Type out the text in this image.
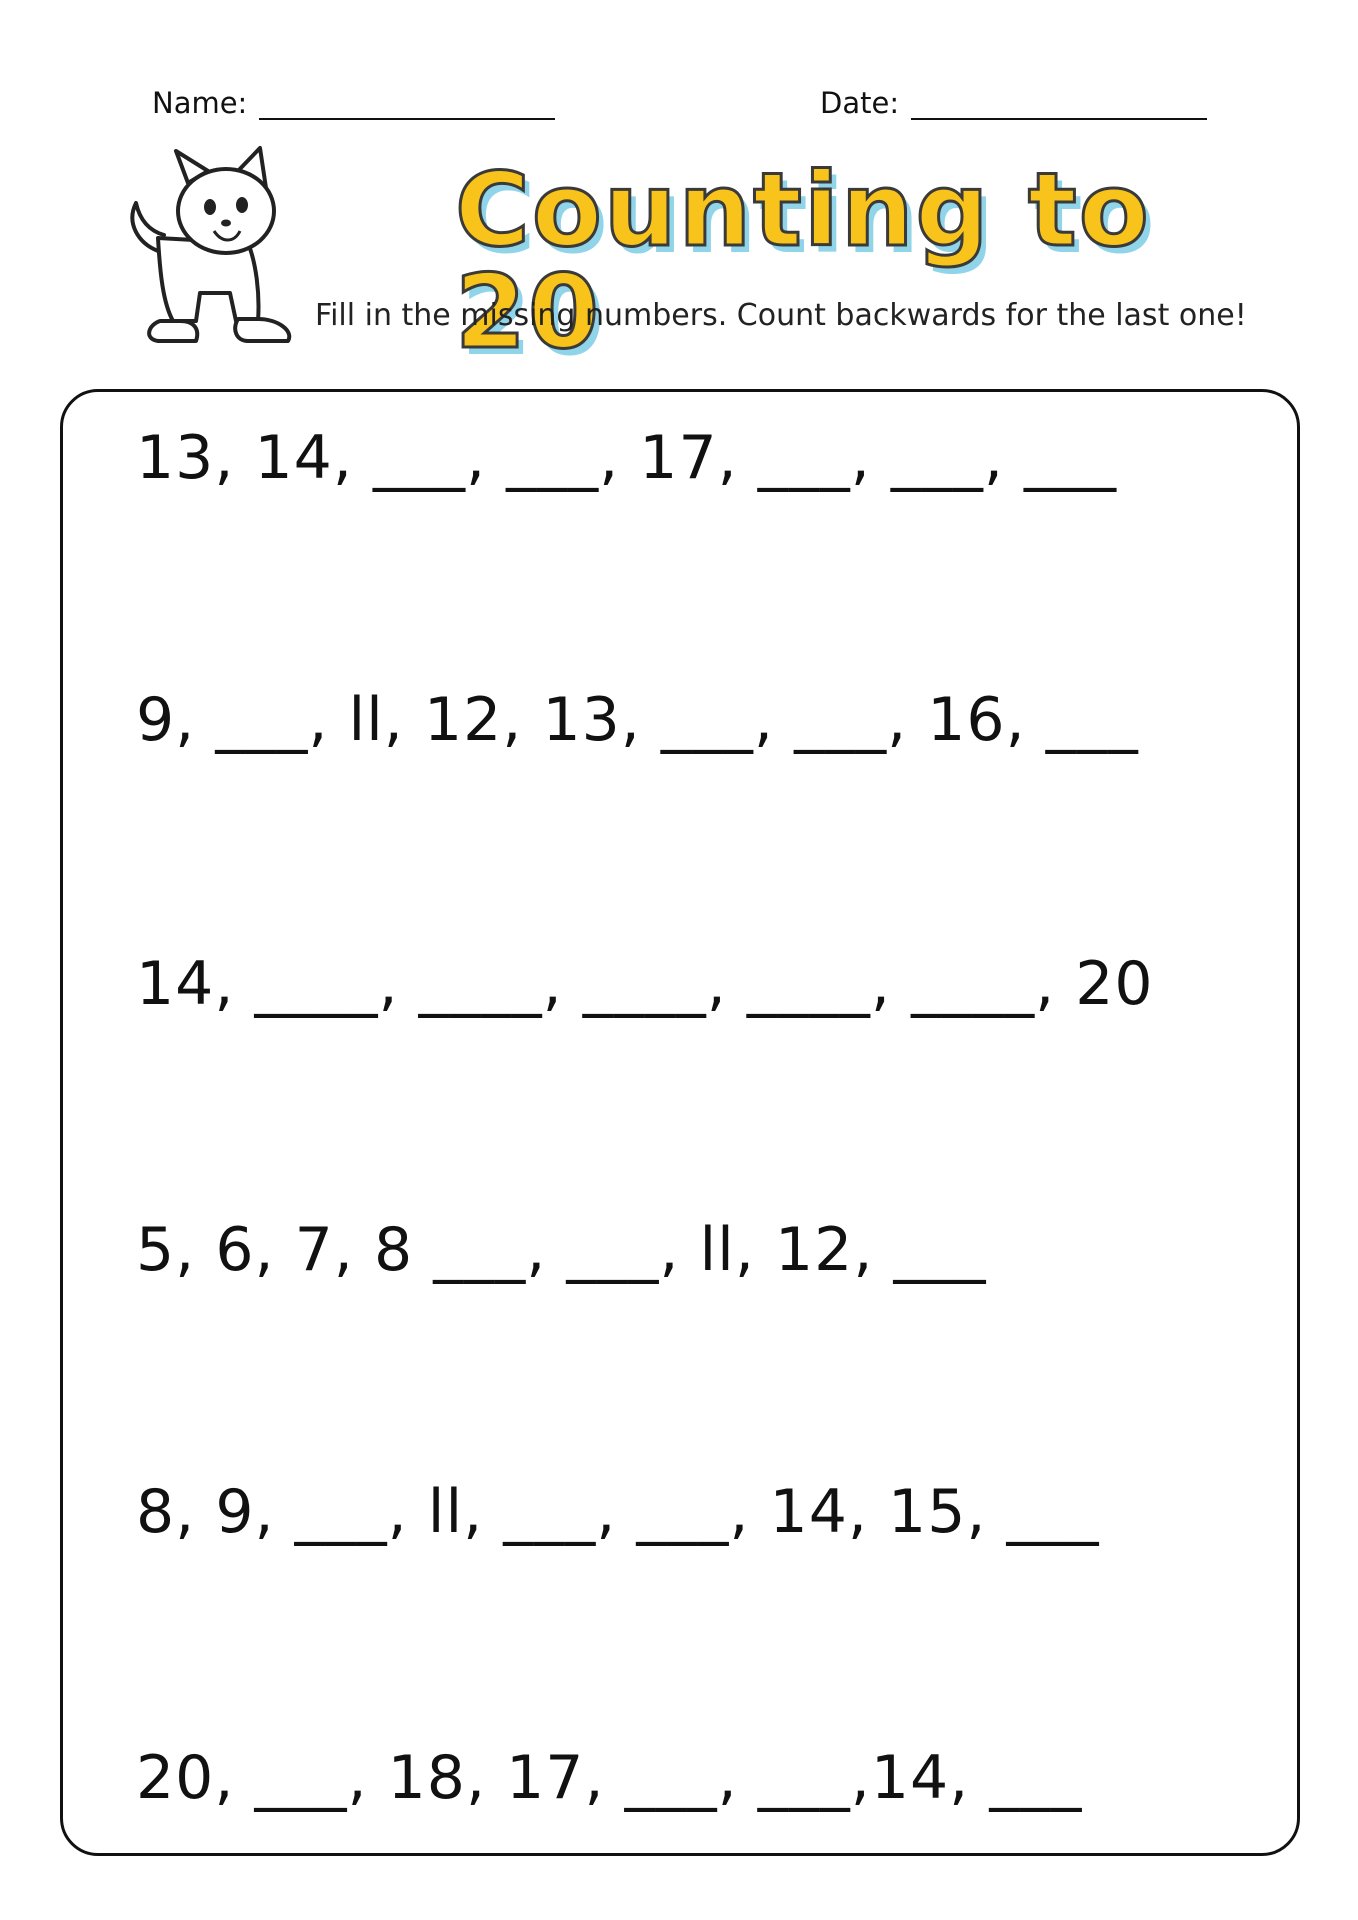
Name:	Date:
Counting to 20
Fill in the missing numbers. Count backwards for the last one!
13, 14, ___, ___, 17, ___, ___, ___
9, ___, ll, 12, 13, ___, ___, 16, ___
14, ____, ____, ____, ____, ____, 20
5, 6, 7, 8 ___, ___, ll, 12, ___
8, 9, ___, ll, ___, ___, 14, 15, ___
20, ___, 18, 17, ___, ___,14, ___
